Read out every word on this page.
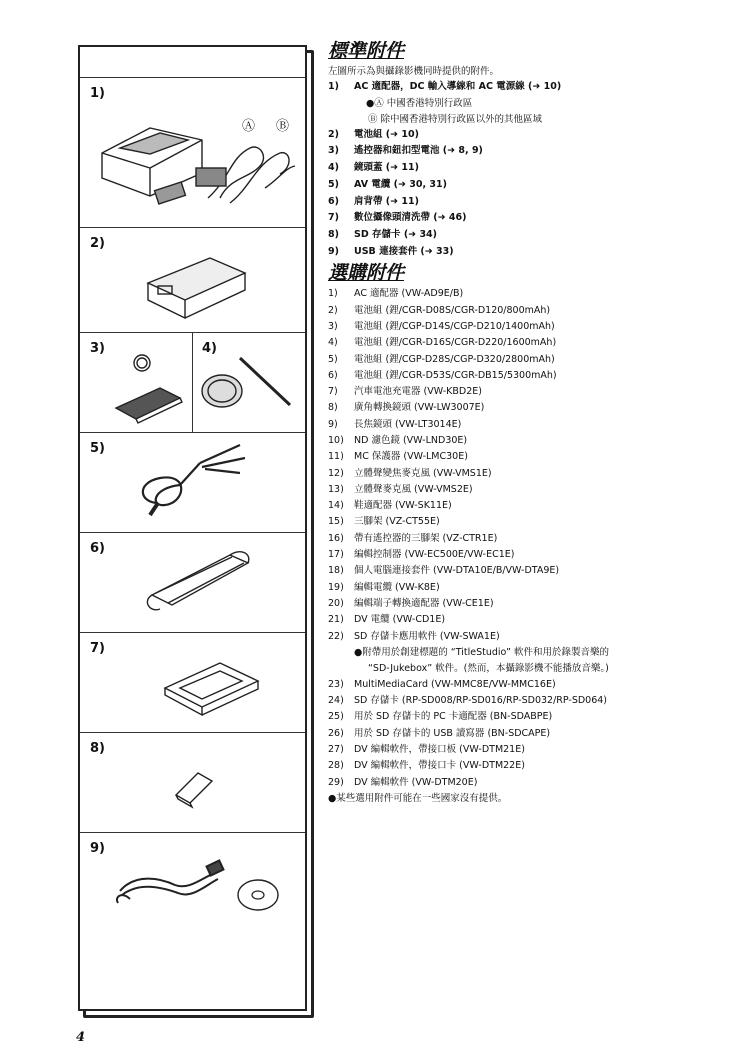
1)
Ⓐ Ⓑ
2)
3)	4)
5)
6)
7)
8)
9)
標準附件
左圖所示為與攝錄影機同時提供的附件。
1)	AC 適配器，DC 輸入導線和 AC 電源線 (➜ 10)
●Ⓐ 中國香港特別行政區
Ⓑ 除中國香港特別行政區以外的其他區域
2)	電池組 (➜ 10)
3)	遙控器和鈕扣型電池 (➜ 8, 9)
4)	鏡頭蓋 (➜ 11)
5)	AV 電纜 (➜ 30, 31)
6)	肩背帶 (➜ 11)
7)	數位攝像頭清洗帶 (➜ 46)
8)	SD 存儲卡 (➜ 34)
9)	USB 連接套件 (➜ 33)
選購附件
1)	AC 適配器 (VW-AD9E/B)
2)	電池組 (鋰/CGR-D08S/CGR-D120/800mAh)
3)	電池組 (鋰/CGP-D14S/CGP-D210/1400mAh)
4)	電池組 (鋰/CGR-D16S/CGR-D220/1600mAh)
5)	電池組 (鋰/CGP-D28S/CGP-D320/2800mAh)
6)	電池組 (鋰/CGR-D53S/CGR-DB15/5300mAh)
7)	汽車電池充電器 (VW-KBD2E)
8)	廣角轉換鏡頭 (VW-LW3007E)
9)	長焦鏡頭 (VW-LT3014E)
10)	ND 濾色鏡 (VW-LND30E)
11)	MC 保護器 (VW-LMC30E)
12)	立體聲變焦麥克風 (VW-VMS1E)
13)	立體聲麥克風 (VW-VMS2E)
14)	鞋適配器 (VW-SK11E)
15)	三腳架 (VZ-CT55E)
16)	帶有遙控器的三腳架 (VZ-CTR1E)
17)	編輯控制器 (VW-EC500E/VW-EC1E)
18)	個人電腦連接套件 (VW-DTA10E/B/VW-DTA9E)
19)	編輯電纜 (VW-K8E)
20)	編輯端子轉換適配器 (VW-CE1E)
21)	DV 電纜 (VW-CD1E)
22)	SD 存儲卡應用軟件 (VW-SWA1E)
●附帶用於創建標題的 “TitleStudio” 軟件和用於錄製音樂的
“SD-Jukebox” 軟件。(然而，本攝錄影機不能播放音樂。)
23)	MultiMediaCard (VW-MMC8E/VW-MMC16E)
24)	SD 存儲卡 (RP-SD008/RP-SD016/RP-SD032/RP-SD064)
25)	用於 SD 存儲卡的 PC 卡適配器 (BN-SDABPE)
26)	用於 SD 存儲卡的 USB 讀寫器 (BN-SDCAPE)
27)	DV 編輯軟件，帶接口板 (VW-DTM21E)
28)	DV 編輯軟件，帶接口卡 (VW-DTM22E)
29)	DV 編輯軟件 (VW-DTM20E)
●某些選用附件可能在一些國家沒有提供。
4
